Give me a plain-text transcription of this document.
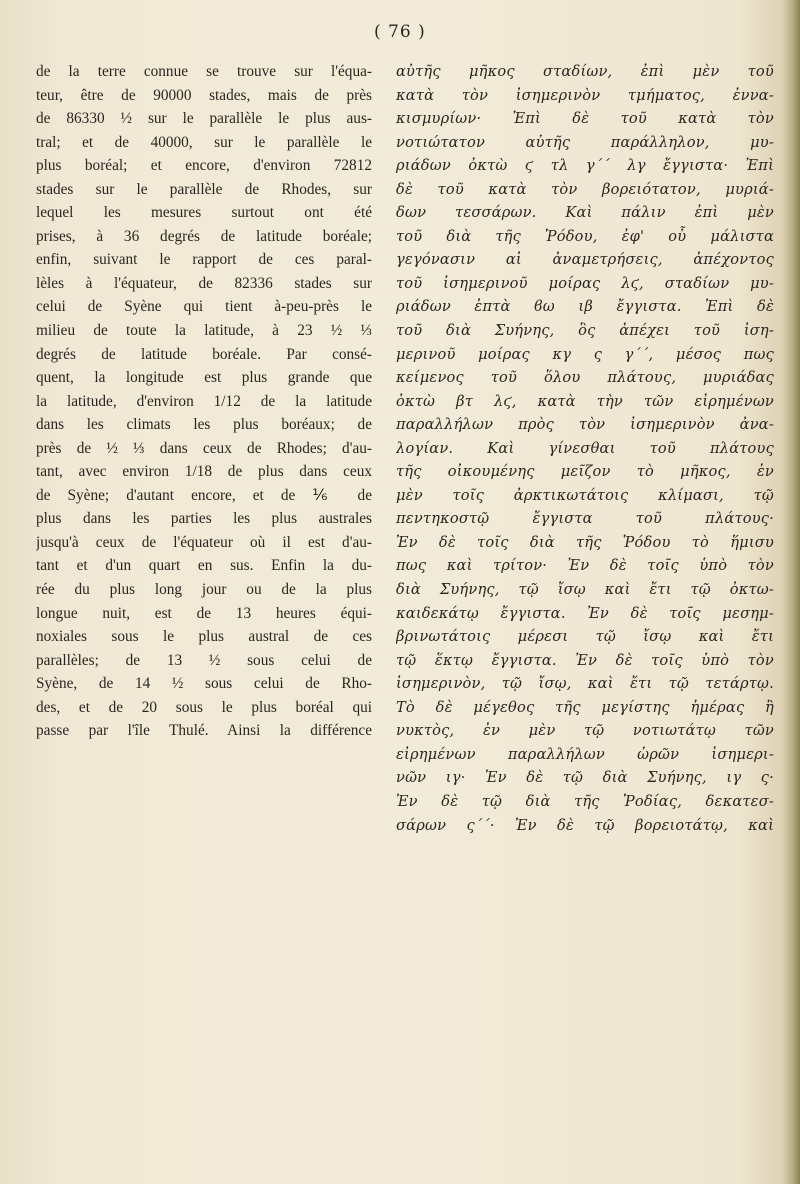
( 76 )
de la terre connue se trouve sur l'équa-
teur, être de 90000 stades, mais de près
de 86330 ½ sur le parallèle le plus aus-
tral; et de 40000, sur le parallèle le
plus boréal; et encore, d'environ 72812
stades sur le parallèle de Rhodes, sur
lequel les mesures surtout ont été
prises, à 36 degrés de latitude boréale;
enfin, suivant le rapport de ces paral-
lèles à l'équateur, de 82336 stades sur
celui de Syène qui tient à-peu-près le
milieu de toute la latitude, à 23 ½ ⅓
degrés de latitude boréale. Par consé-
quent, la longitude est plus grande que
la latitude, d'environ 1/12 de la latitude
dans les climats les plus boréaux; de
près de ½ ⅓ dans ceux de Rhodes; d'au-
tant, avec environ 1/18 de plus dans ceux
de Syène; d'autant encore, et de ⅙ de
plus dans les parties les plus australes
jusqu'à ceux de l'équateur où il est d'au-
tant et d'un quart en sus. Enfin la du-
rée du plus long jour ou de la plus
longue nuit, est de 13 heures équi-
noxiales sous le plus austral de ces
parallèles; de 13 ½ sous celui de
Syène, de 14 ½ sous celui de Rho-
des, et de 20 sous le plus boréal qui
passe par l'île Thulé. Ainsi la différence
αὐτῆς μῆκος σταδίων, ἐπὶ μὲν τοῦ
κατὰ τὸν ἰσημερινὸν τμήματος, ἐννα-
κισμυρίων· Ἐπὶ δὲ τοῦ κατὰ τὸν
νοτιώτατον αὐτῆς παράλληλον, μυ-
ριάδων ὀκτὼ ϛ τλ γ´´ λγ ἔγγιστα· Ἐπὶ
δὲ τοῦ κατὰ τὸν βορειότατον, μυριά-
δων τεσσάρων. Καὶ πάλιν ἐπὶ μὲν
τοῦ διὰ τῆς Ῥόδου, ἐφ' οὗ μάλιστα
γεγόνασιν αἱ ἀναμετρήσεις, ἀπέχοντος
τοῦ ἰσημερινοῦ μοίρας λϛ, σταδίων μυ-
ριάδων ἑπτὰ ϐω ιβ ἔγγιστα. Ἐπὶ δὲ
τοῦ διὰ Συήνης, ὃς ἀπέχει τοῦ ἰση-
μερινοῦ μοίρας κγ ς γ´´, μέσος πως
κείμενος τοῦ ὅλου πλάτους, μυριάδας
ὀκτὼ βτ λϛ, κατὰ τὴν τῶν εἰρημένων
παραλλήλων πρὸς τὸν ἰσημερινὸν ἀνα-
λογίαν. Καὶ γίνεσθαι τοῦ πλάτους
τῆς οἰκουμένης μεῖζον τὸ μῆκος, ἐν
μὲν τοῖς ἀρκτικωτάτοις κλίμασι, τῷ
πεντηκοστῷ ἔγγιστα τοῦ πλάτους·
Ἐν δὲ τοῖς διὰ τῆς Ῥόδου τὸ ἥμισυ
πως καὶ τρίτον· Ἐν δὲ τοῖς ὑπὸ τὸν
διὰ Συήνης, τῷ ἴσῳ καὶ ἔτι τῷ ὀκτω-
καιδεκάτῳ ἔγγιστα. Ἐν δὲ τοῖς μεσημ-
βρινωτάτοις μέρεσι τῷ ἴσῳ καὶ ἔτι
τῷ ἕκτῳ ἔγγιστα. Ἐν δὲ τοῖς ὑπὸ τὸν
ἰσημερινὸν, τῷ ἴσῳ, καὶ ἔτι τῷ τετάρτῳ.
Τὸ δὲ μέγεθος τῆς μεγίστης ἡμέρας ἢ
νυκτὸς, ἐν μὲν τῷ νοτιωτάτῳ τῶν
εἰρημένων παραλλήλων ὡρῶν ἰσημερι-
νῶν ιγ· Ἐν δὲ τῷ διὰ Συήνης, ιγ ς·
Ἐν δὲ τῷ διὰ τῆς Ῥοδίας, δεκατεσ-
σάρων ς´´· Ἐν δὲ τῷ βορειοτάτῳ, καὶ
